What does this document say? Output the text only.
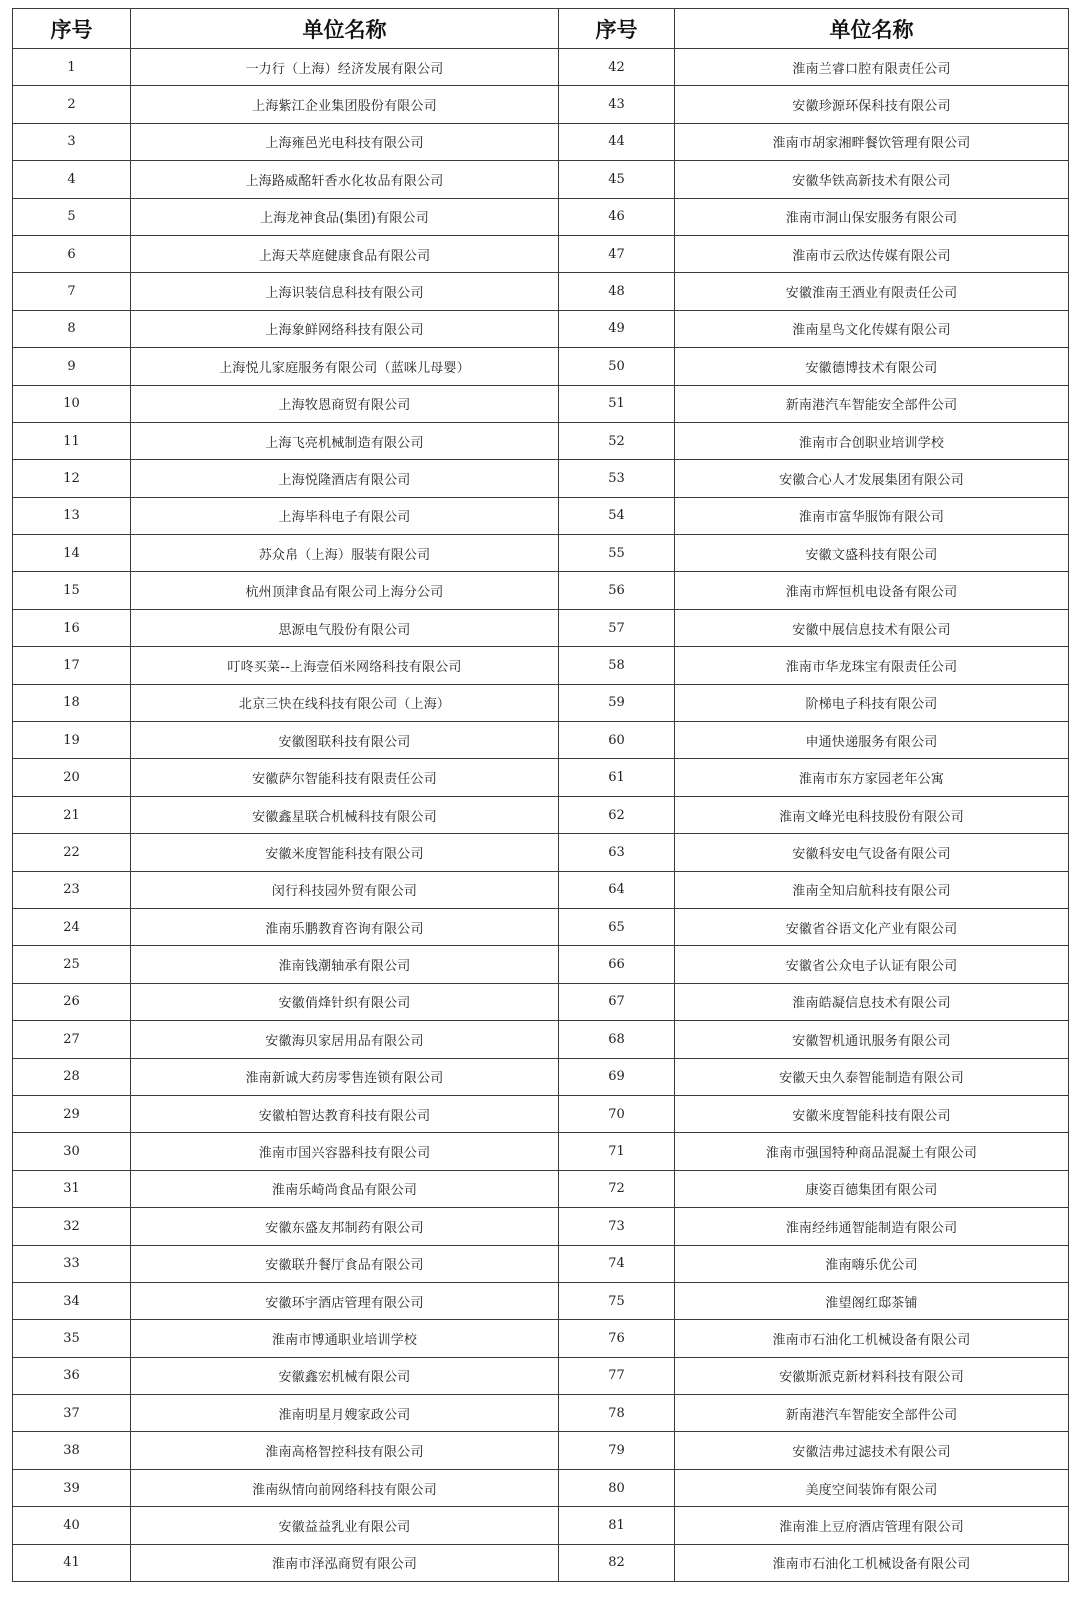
序号	单位名称	序号	单位名称
1	一力行（上海）经济发展有限公司	42	淮南兰睿口腔有限责任公司
2	上海紫江企业集团股份有限公司	43	安徽珍源环保科技有限公司
3	上海雍邑光电科技有限公司	44	淮南市胡家湘畔餐饮管理有限公司
4	上海路威酩轩香水化妆品有限公司	45	安徽华铁高新技术有限公司
5	上海龙神食品(集团)有限公司	46	淮南市洞山保安服务有限公司
6	上海天萃庭健康食品有限公司	47	淮南市云欣达传媒有限公司
7	上海识装信息科技有限公司	48	安徽淮南王酒业有限责任公司
8	上海象鲜网络科技有限公司	49	淮南星鸟文化传媒有限公司
9	上海悦儿家庭服务有限公司（蓝咪儿母婴）	50	安徽德博技术有限公司
10	上海牧恩商贸有限公司	51	新南港汽车智能安全部件公司
11	上海飞亮机械制造有限公司	52	淮南市合创职业培训学校
12	上海悦隆酒店有限公司	53	安徽合心人才发展集团有限公司
13	上海毕科电子有限公司	54	淮南市富华服饰有限公司
14	苏众帛（上海）服装有限公司	55	安徽文盛科技有限公司
15	杭州顶津食品有限公司上海分公司	56	淮南市辉恒机电设备有限公司
16	思源电气股份有限公司	57	安徽中展信息技术有限公司
17	叮咚买菜--上海壹佰米网络科技有限公司	58	淮南市华龙珠宝有限责任公司
18	北京三快在线科技有限公司（上海）	59	阶梯电子科技有限公司
19	安徽图联科技有限公司	60	申通快递服务有限公司
20	安徽萨尔智能科技有限责任公司	61	淮南市东方家园老年公寓
21	安徽鑫星联合机械科技有限公司	62	淮南文峰光电科技股份有限公司
22	安徽米度智能科技有限公司	63	安徽科安电气设备有限公司
23	闵行科技园外贸有限公司	64	淮南全知启航科技有限公司
24	淮南乐鹏教育咨询有限公司	65	安徽省谷语文化产业有限公司
25	淮南钱潮轴承有限公司	66	安徽省公众电子认证有限公司
26	安徽俏烽针织有限公司	67	淮南皓凝信息技术有限公司
27	安徽海贝家居用品有限公司	68	安徽智机通讯服务有限公司
28	淮南新诚大药房零售连锁有限公司	69	安徽天虫久泰智能制造有限公司
29	安徽柏智达教育科技有限公司	70	安徽米度智能科技有限公司
30	淮南市国兴容器科技有限公司	71	淮南市强国特种商品混凝土有限公司
31	淮南乐崎尚食品有限公司	72	康姿百德集团有限公司
32	安徽东盛友邦制药有限公司	73	淮南经纬通智能制造有限公司
33	安徽联升餐厅食品有限公司	74	淮南嗨乐优公司
34	安徽环宇酒店管理有限公司	75	淮望阁红邸茶铺
35	淮南市博通职业培训学校	76	淮南市石油化工机械设备有限公司
36	安徽鑫宏机械有限公司	77	安徽斯派克新材料科技有限公司
37	淮南明星月嫂家政公司	78	新南港汽车智能安全部件公司
38	淮南高格智控科技有限公司	79	安徽洁弗过滤技术有限公司
39	淮南纵情向前网络科技有限公司	80	美度空间装饰有限公司
40	安徽益益乳业有限公司	81	淮南淮上豆府酒店管理有限公司
41	淮南市泽泓商贸有限公司	82	淮南市石油化工机械设备有限公司
